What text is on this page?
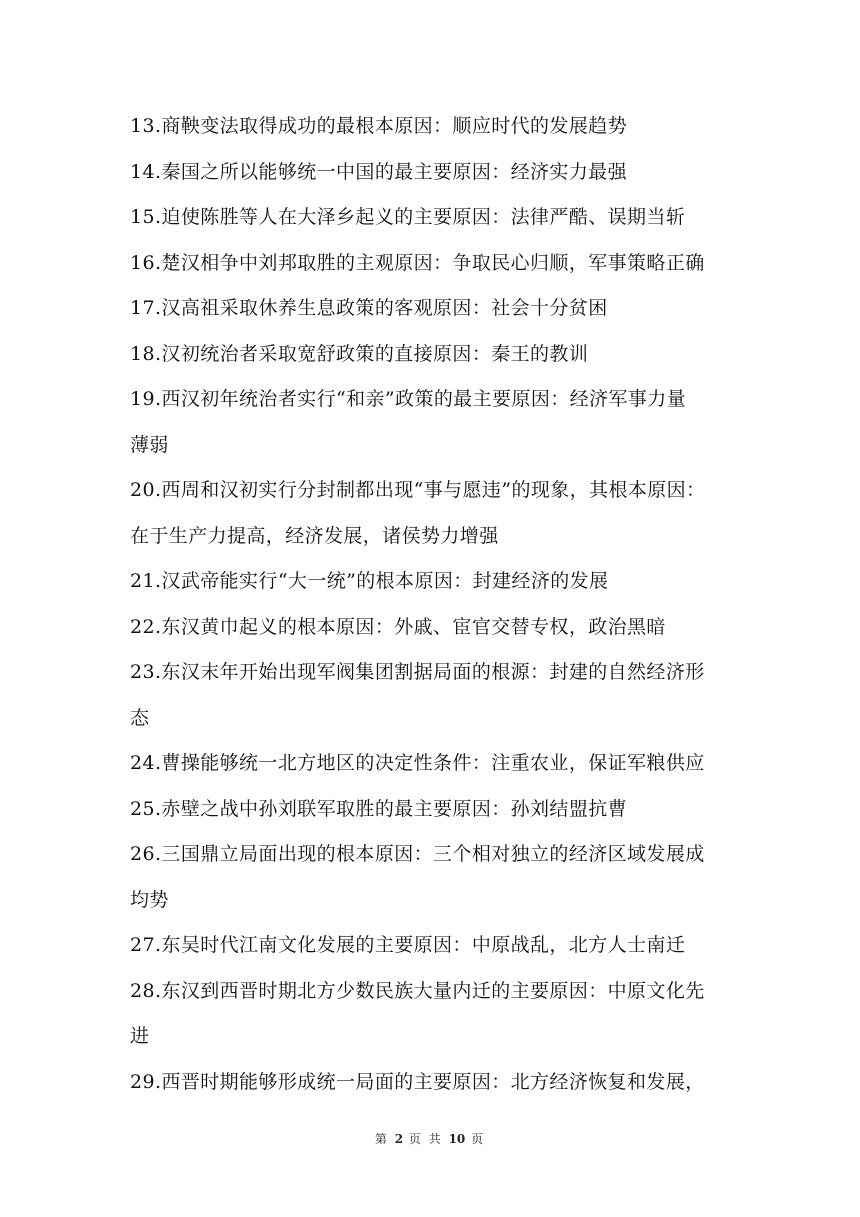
13.商鞅变法取得成功的最根本原因：顺应时代的发展趋势
14.秦国之所以能够统一中国的最主要原因：经济实力最强
15.迫使陈胜等人在大泽乡起义的主要原因：法律严酷、误期当斩
16.楚汉相争中刘邦取胜的主观原因：争取民心归顺，军事策略正确
17.汉高祖采取休养生息政策的客观原因：社会十分贫困
18.汉初统治者采取宽舒政策的直接原因：秦王的教训
19.西汉初年统治者实行“和亲”政策的最主要原因：经济军事力量
薄弱
20.西周和汉初实行分封制都出现“事与愿违”的现象，其根本原因：
在于生产力提高，经济发展，诸侯势力增强
21.汉武帝能实行“大一统”的根本原因：封建经济的发展
22.东汉黄巾起义的根本原因：外戚、宦官交替专权，政治黑暗
23.东汉末年开始出现军阀集团割据局面的根源：封建的自然经济形
态
24.曹操能够统一北方地区的决定性条件：注重农业，保证军粮供应
25.赤壁之战中孙刘联军取胜的最主要原因：孙刘结盟抗曹
26.三国鼎立局面出现的根本原因：三个相对独立的经济区域发展成
均势
27.东吴时代江南文化发展的主要原因：中原战乱，北方人士南迁
28.东汉到西晋时期北方少数民族大量内迁的主要原因：中原文化先
进
29.西晋时期能够形成统一局面的主要原因：北方经济恢复和发展，
第 2 页 共 10 页
